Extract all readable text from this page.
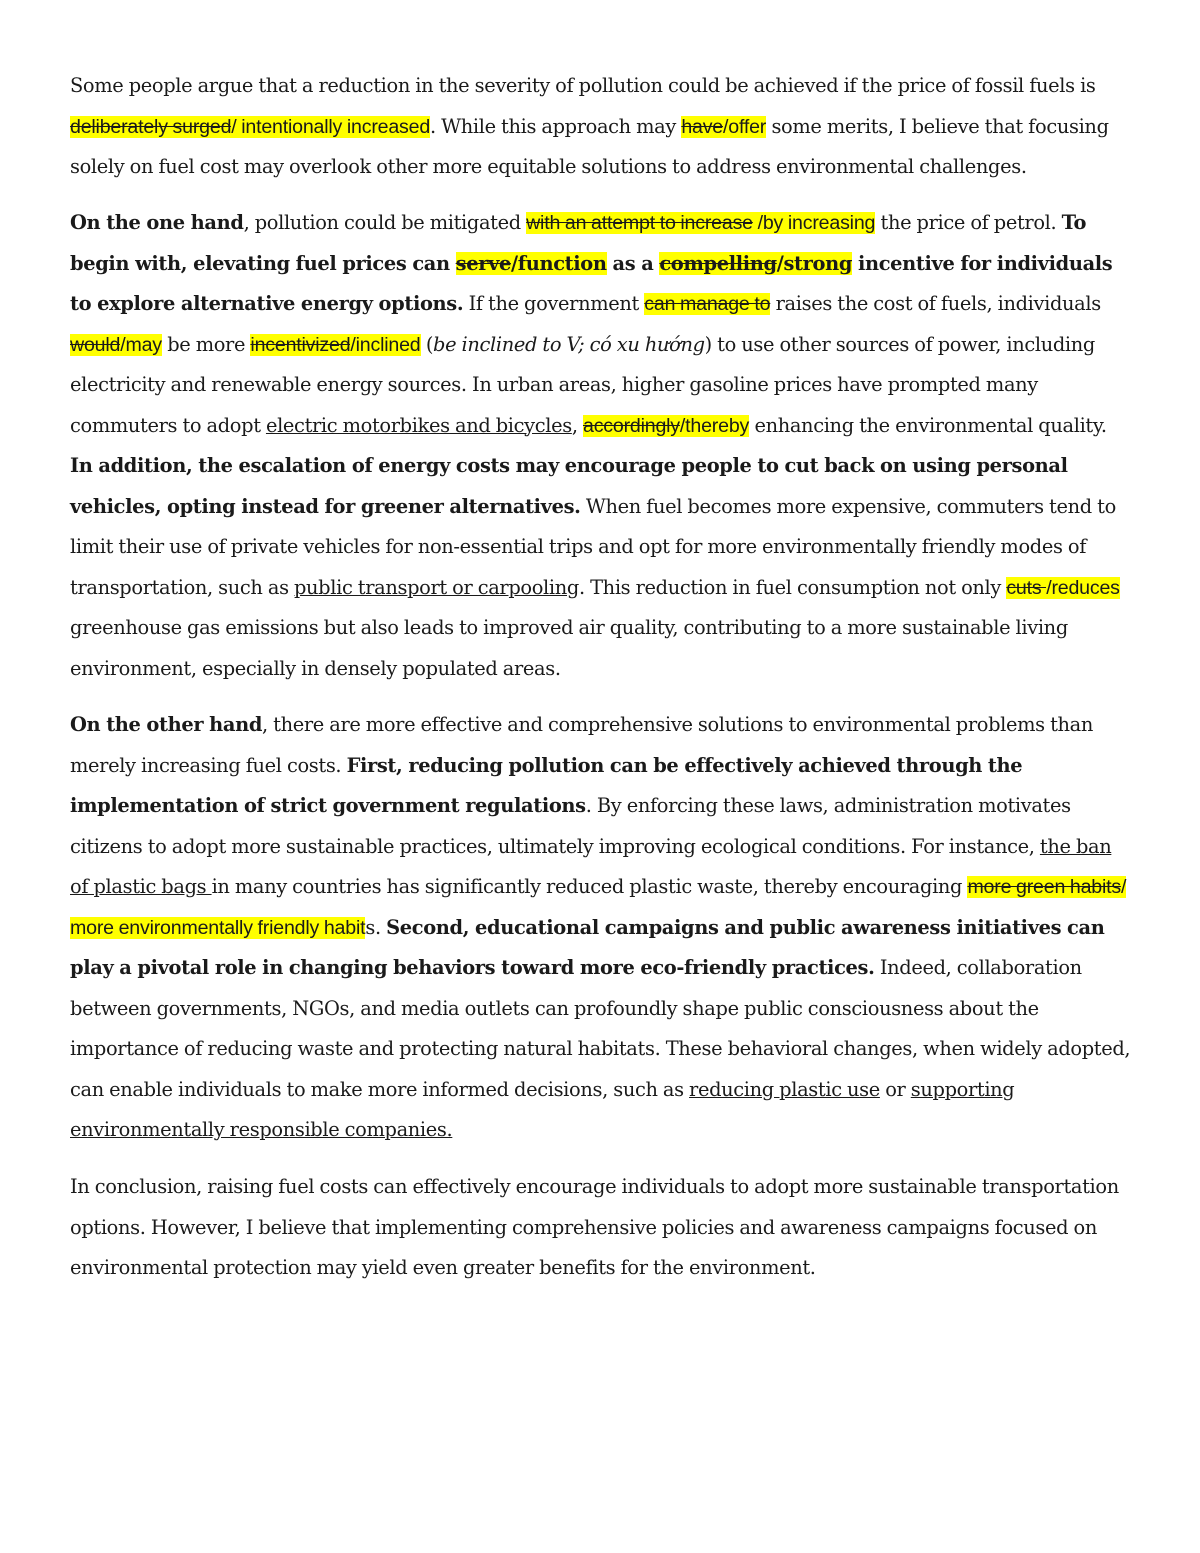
Some people argue that a reduction in the severity of pollution could be achieved if the price of fossil fuels is deliberately surged/ intentionally increased. While this approach may have/offer some merits, I believe that focusing solely on fuel cost may overlook other more equitable solutions to address environmental challenges.

On the one hand, pollution could be mitigated with an attempt to increase /by increasing the price of petrol. To begin with, elevating fuel prices can serve/function as a compelling/strong incentive for individuals to explore alternative energy options. If the government can manage to raises the cost of fuels, individuals would/may be more incentivized/inclined (be inclined to V; có xu hướng) to use other sources of power, including electricity and renewable energy sources. In urban areas, higher gasoline prices have prompted many commuters to adopt electric motorbikes and bicycles, accordingly/thereby enhancing the environmental quality. In addition, the escalation of energy costs may encourage people to cut back on using personal vehicles, opting instead for greener alternatives. When fuel becomes more expensive, commuters tend to limit their use of private vehicles for non-essential trips and opt for more environmentally friendly modes of transportation, such as public transport or carpooling. This reduction in fuel consumption not only cuts /reduces greenhouse gas emissions but also leads to improved air quality, contributing to a more sustainable living environment, especially in densely populated areas.

On the other hand, there are more effective and comprehensive solutions to environmental problems than merely increasing fuel costs. First, reducing pollution can be effectively achieved through the implementation of strict government regulations. By enforcing these laws, administration motivates citizens to adopt more sustainable practices, ultimately improving ecological conditions. For instance, the ban of plastic bags in many countries has significantly reduced plastic waste, thereby encouraging more green habits/ more environmentally friendly habits. Second, educational campaigns and public awareness initiatives can play a pivotal role in changing behaviors toward more eco-friendly practices. Indeed, collaboration between governments, NGOs, and media outlets can profoundly shape public consciousness about the importance of reducing waste and protecting natural habitats. These behavioral changes, when widely adopted, can enable individuals to make more informed decisions, such as reducing plastic use or supporting environmentally responsible companies.

In conclusion, raising fuel costs can effectively encourage individuals to adopt more sustainable transportation options. However, I believe that implementing comprehensive policies and awareness campaigns focused on environmental protection may yield even greater benefits for the environment.
